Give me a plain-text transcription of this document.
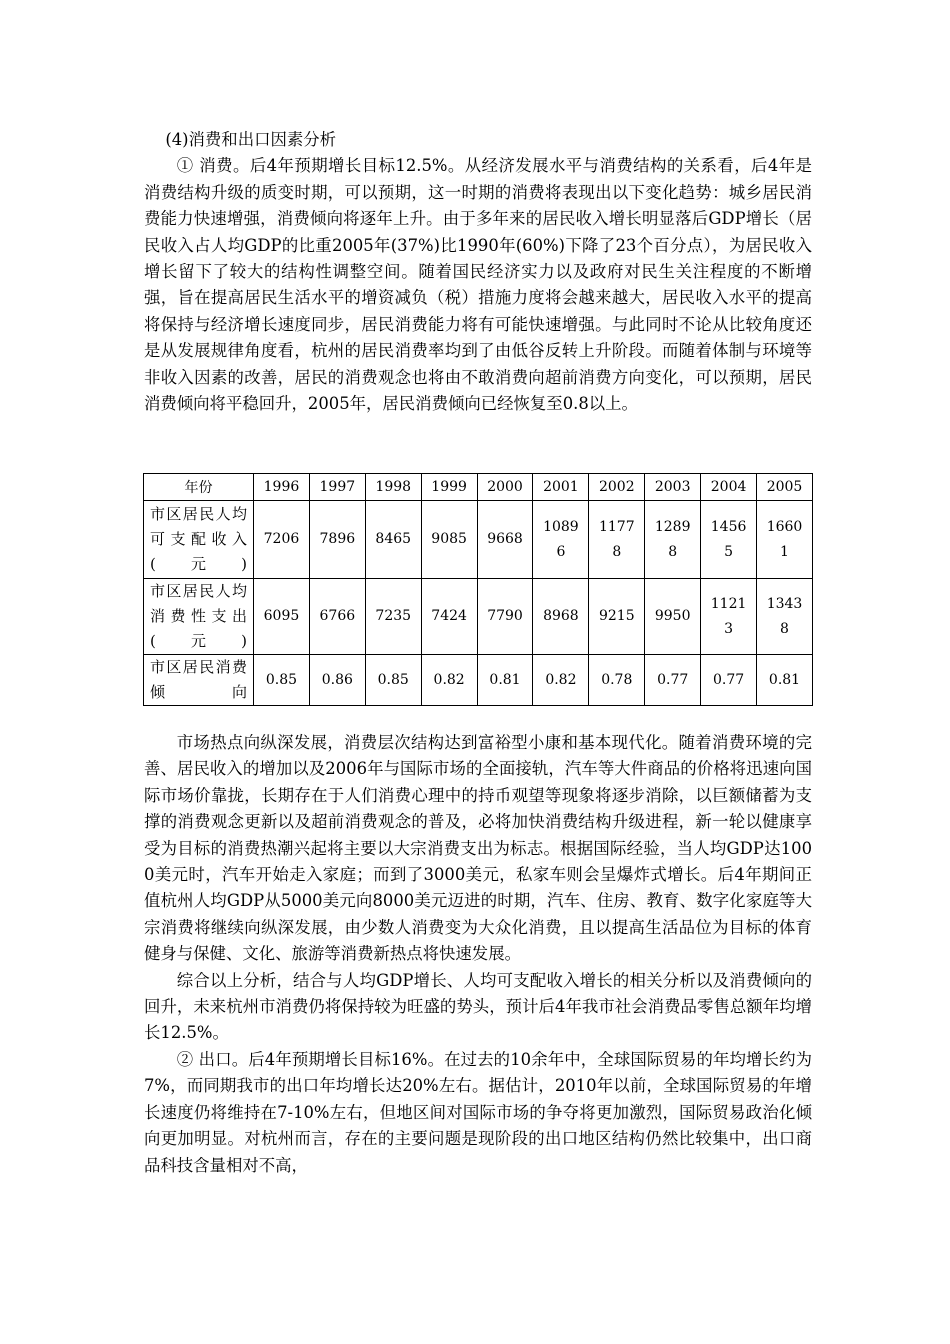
(4)消费和出口因素分析

① 消费。后4年预期增长目标12.5%。从经济发展水平与消费结构的关系看，后4年是消费结构升级的质变时期，可以预期，这一时期的消费将表现出以下变化趋势：城乡居民消费能力快速增强，消费倾向将逐年上升。由于多年来的居民收入增长明显落后GDP增长（居民收入占人均GDP的比重2005年(37%)比1990年(60%)下降了23个百分点），为居民收入增长留下了较大的结构性调整空间。随着国民经济实力以及政府对民生关注程度的不断增强，旨在提高居民生活水平的增资减负（税）措施力度将会越来越大，居民收入水平的提高将保持与经济增长速度同步，居民消费能力将有可能快速增强。与此同时不论从比较角度还是从发展规律角度看，杭州的居民消费率均到了由低谷反转上升阶段。而随着体制与环境等非收入因素的改善，居民的消费观念也将由不敢消费向超前消费方向变化，可以预期，居民消费倾向将平稳回升，2005年，居民消费倾向已经恢复至0.8以上。

年份	1996	1997	1998	1999	2000	2001	2002	2003	2004	2005
市区居民人均可支配收入(元)	7206	7896	8465	9085	9668	10896	11778	12898	14565	16601
市区居民人均消费性支出(元)	6095	6766	7235	7424	7790	8968	9215	9950	11213	13438
市区居民消费倾向	0.85	0.86	0.85	0.82	0.81	0.82	0.78	0.77	0.77	0.81

市场热点向纵深发展，消费层次结构达到富裕型小康和基本现代化。随着消费环境的完善、居民收入的增加以及2006年与国际市场的全面接轨，汽车等大件商品的价格将迅速向国际市场价靠拢，长期存在于人们消费心理中的持币观望等现象将逐步消除，以巨额储蓄为支撑的消费观念更新以及超前消费观念的普及，必将加快消费结构升级进程，新一轮以健康享受为目标的消费热潮兴起将主要以大宗消费支出为标志。根据国际经验，当人均GDP达1000美元时，汽车开始走入家庭；而到了3000美元，私家车则会呈爆炸式增长。后4年期间正值杭州人均GDP从5000美元向8000美元迈进的时期，汽车、住房、教育、数字化家庭等大宗消费将继续向纵深发展，由少数人消费变为大众化消费，且以提高生活品位为目标的体育健身与保健、文化、旅游等消费新热点将快速发展。

综合以上分析，结合与人均GDP增长、人均可支配收入增长的相关分析以及消费倾向的回升，未来杭州市消费仍将保持较为旺盛的势头，预计后4年我市社会消费品零售总额年均增长12.5%。

② 出口。后4年预期增长目标16%。在过去的10余年中，全球国际贸易的年均增长约为7%，而同期我市的出口年均增长达20%左右。据估计，2010年以前，全球国际贸易的年增长速度仍将维持在7-10%左右，但地区间对国际市场的争夺将更加激烈，国际贸易政治化倾向更加明显。对杭州而言，存在的主要问题是现阶段的出口地区结构仍然比较集中，出口商品科技含量相对不高，
